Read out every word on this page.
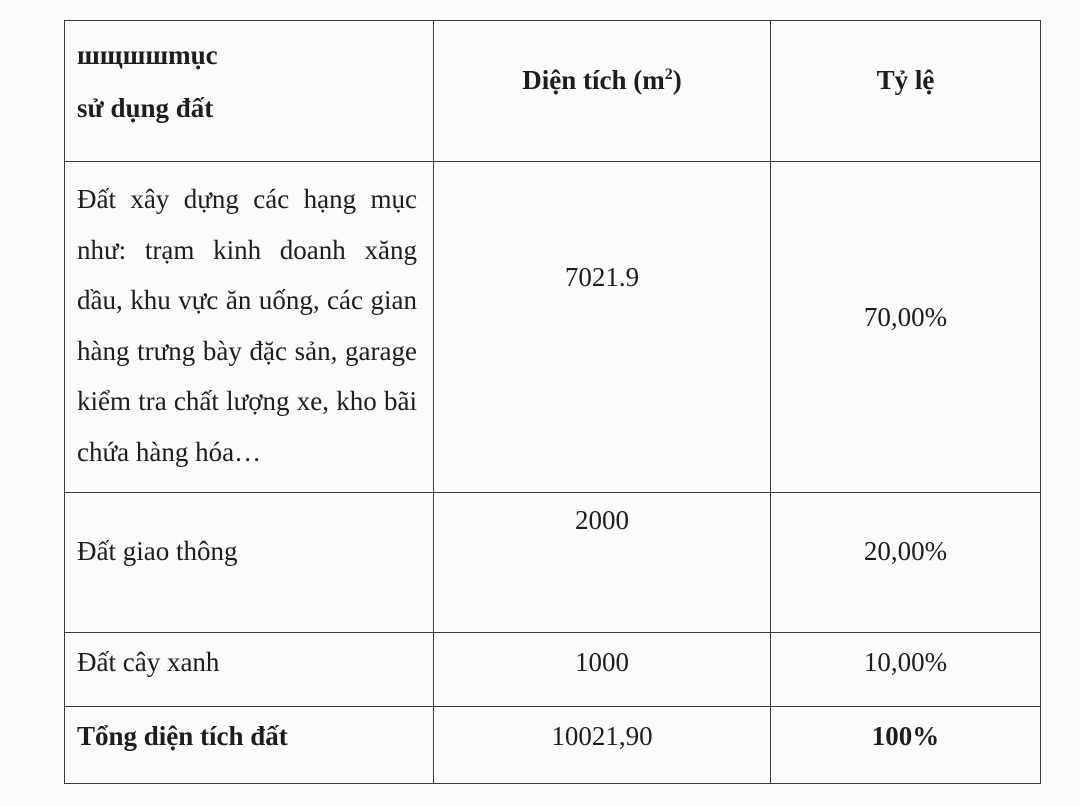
шщшшmục
sử dụng đất	Diện tích $(m^2)$	Tỷ lệ

Đất xây dựng các hạng mục như: trạm kinh doanh xăng dầu, khu vực ăn uống, các gian hàng trưng bày đặc sản, garage kiểm tra chất lượng xe, kho bãi chứa hàng hóa…	7021.9	70,00%

Đất giao thông	2000	20,00%

Đất cây xanh	1000	10,00%

Tổng diện tích đất	10021,90	100%
